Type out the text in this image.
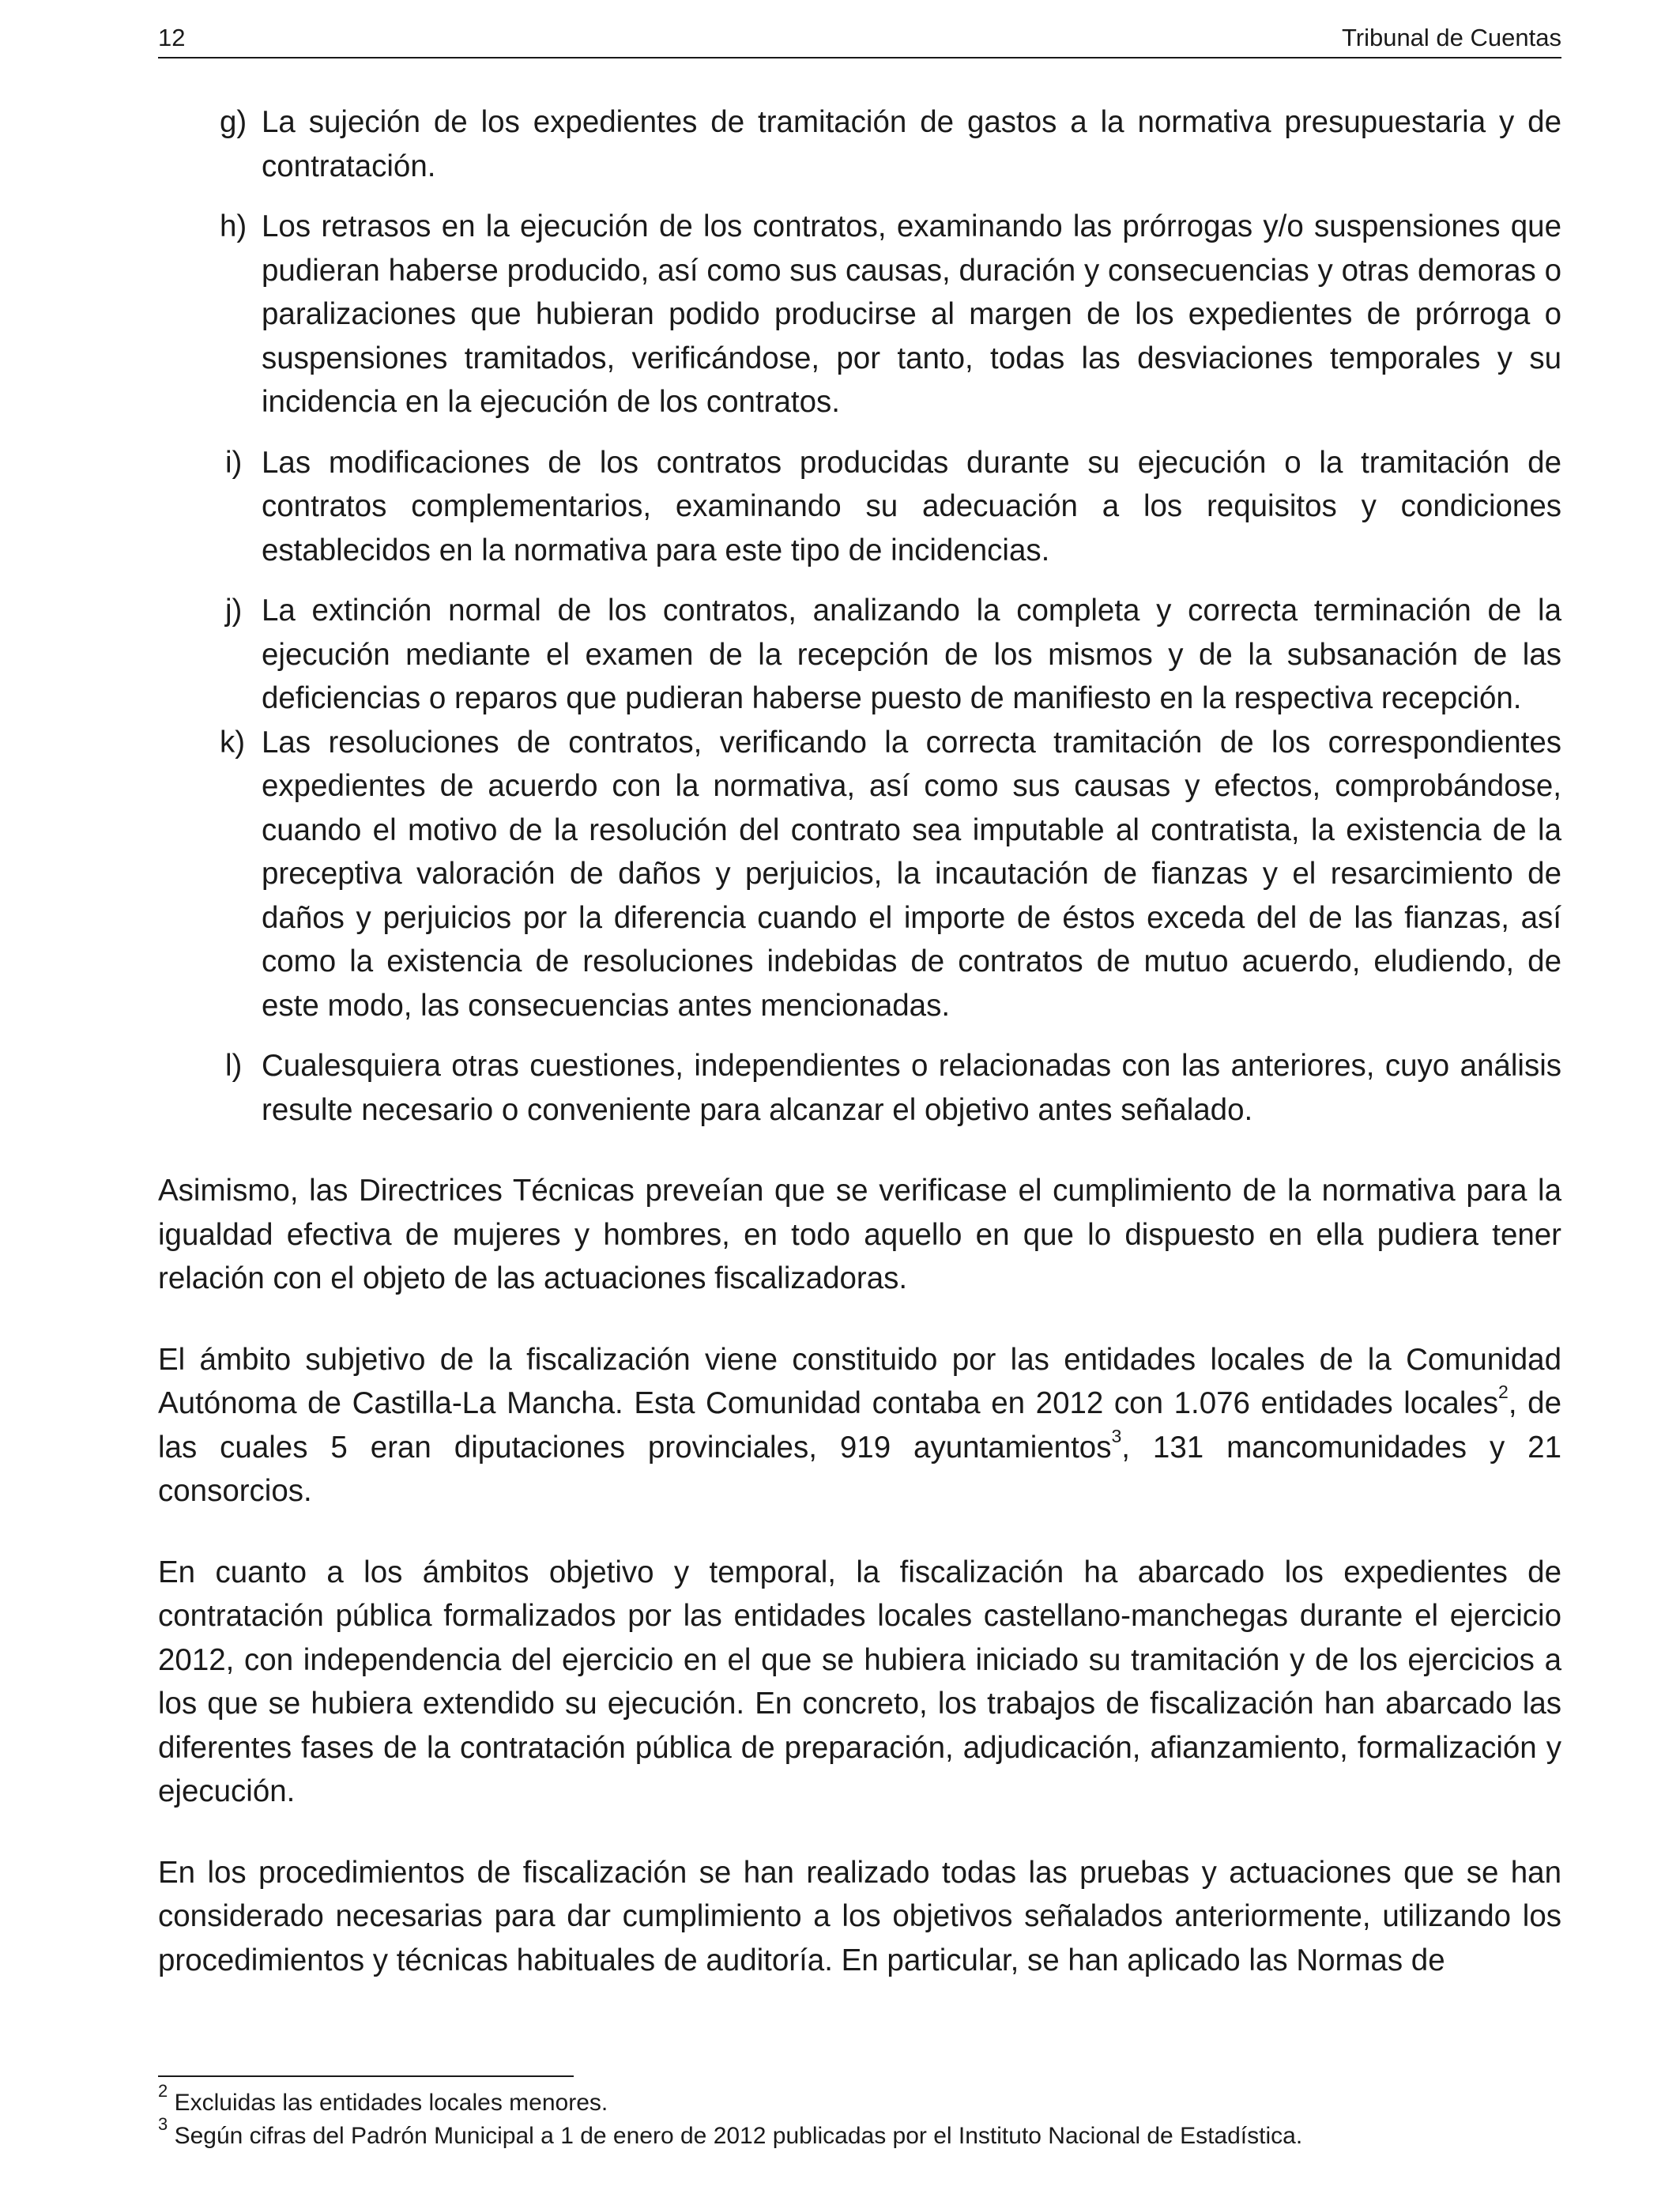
12	Tribunal de Cuentas
g) La sujeción de los expedientes de tramitación de gastos a la normativa presupuestaria y de contratación.
h) Los retrasos en la ejecución de los contratos, examinando las prórrogas y/o suspensiones que pudieran haberse producido, así como sus causas, duración y consecuencias y otras demoras o paralizaciones que hubieran podido producirse al margen de los expedientes de prórroga o suspensiones tramitados, verificándose, por tanto, todas las desviaciones temporales y su incidencia en la ejecución de los contratos.
i) Las modificaciones de los contratos producidas durante su ejecución o la tramitación de contratos complementarios, examinando su adecuación a los requisitos y condiciones establecidos en la normativa para este tipo de incidencias.
j) La extinción normal de los contratos, analizando la completa y correcta terminación de la ejecución mediante el examen de la recepción de los mismos y de la subsanación de las deficiencias o reparos que pudieran haberse puesto de manifiesto en la respectiva recepción.
k) Las resoluciones de contratos, verificando la correcta tramitación de los correspondientes expedientes de acuerdo con la normativa, así como sus causas y efectos, comprobándose, cuando el motivo de la resolución del contrato sea imputable al contratista, la existencia de la preceptiva valoración de daños y perjuicios, la incautación de fianzas y el resarcimiento de daños y perjuicios por la diferencia cuando el importe de éstos exceda del de las fianzas, así como la existencia de resoluciones indebidas de contratos de mutuo acuerdo, eludiendo, de este modo, las consecuencias antes mencionadas.
l) Cualesquiera otras cuestiones, independientes o relacionadas con las anteriores, cuyo análisis resulte necesario o conveniente para alcanzar el objetivo antes señalado.

Asimismo, las Directrices Técnicas preveían que se verificase el cumplimiento de la normativa para la igualdad efectiva de mujeres y hombres, en todo aquello en que lo dispuesto en ella pudiera tener relación con el objeto de las actuaciones fiscalizadoras.

El ámbito subjetivo de la fiscalización viene constituido por las entidades locales de la Comunidad Autónoma de Castilla-La Mancha. Esta Comunidad contaba en 2012 con 1.076 entidades locales$^2$, de las cuales 5 eran diputaciones provinciales, 919 ayuntamientos$^3$, 131 mancomunidades y 21 consorcios.

En cuanto a los ámbitos objetivo y temporal, la fiscalización ha abarcado los expedientes de contratación pública formalizados por las entidades locales castellano-manchegas durante el ejercicio 2012, con independencia del ejercicio en el que se hubiera iniciado su tramitación y de los ejercicios a los que se hubiera extendido su ejecución. En concreto, los trabajos de fiscalización han abarcado las diferentes fases de la contratación pública de preparación, adjudicación, afianzamiento, formalización y ejecución.

En los procedimientos de fiscalización se han realizado todas las pruebas y actuaciones que se han considerado necesarias para dar cumplimiento a los objetivos señalados anteriormente, utilizando los procedimientos y técnicas habituales de auditoría. En particular, se han aplicado las Normas de

$^2$ Excluidas las entidades locales menores.
$^3$ Según cifras del Padrón Municipal a 1 de enero de 2012 publicadas por el Instituto Nacional de Estadística.
